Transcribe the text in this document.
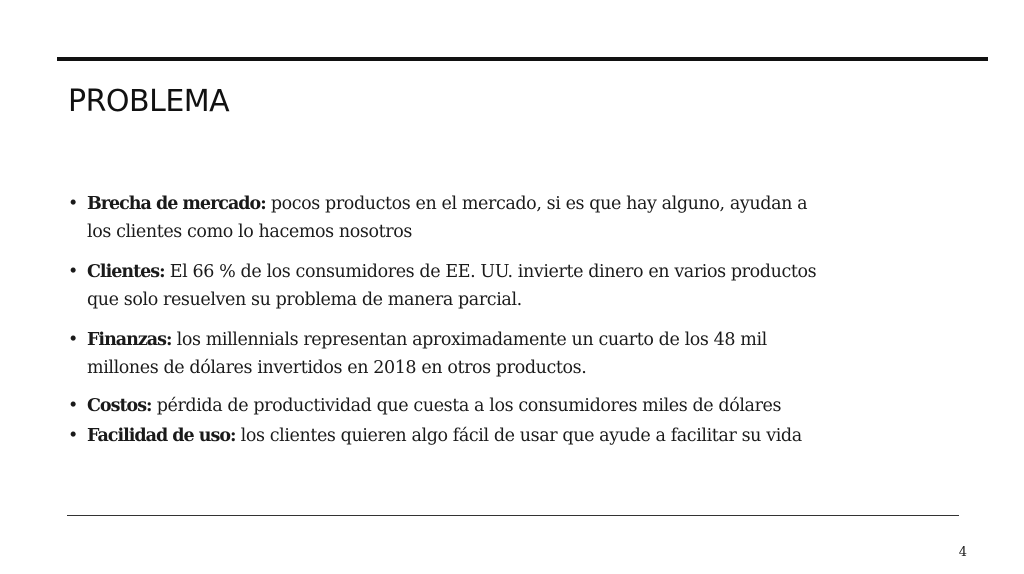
PROBLEMA
• Brecha de mercado: pocos productos en el mercado, si es que hay alguno, ayudan a los clientes como lo hacemos nosotros
• Clientes: El 66 % de los consumidores de EE. UU. invierte dinero en varios productos que solo resuelven su problema de manera parcial.
• Finanzas: los millennials representan aproximadamente un cuarto de los 48 mil millones de dólares invertidos en 2018 en otros productos.
• Costos: pérdida de productividad que cuesta a los consumidores miles de dólares
• Facilidad de uso: los clientes quieren algo fácil de usar que ayude a facilitar su vida
4
